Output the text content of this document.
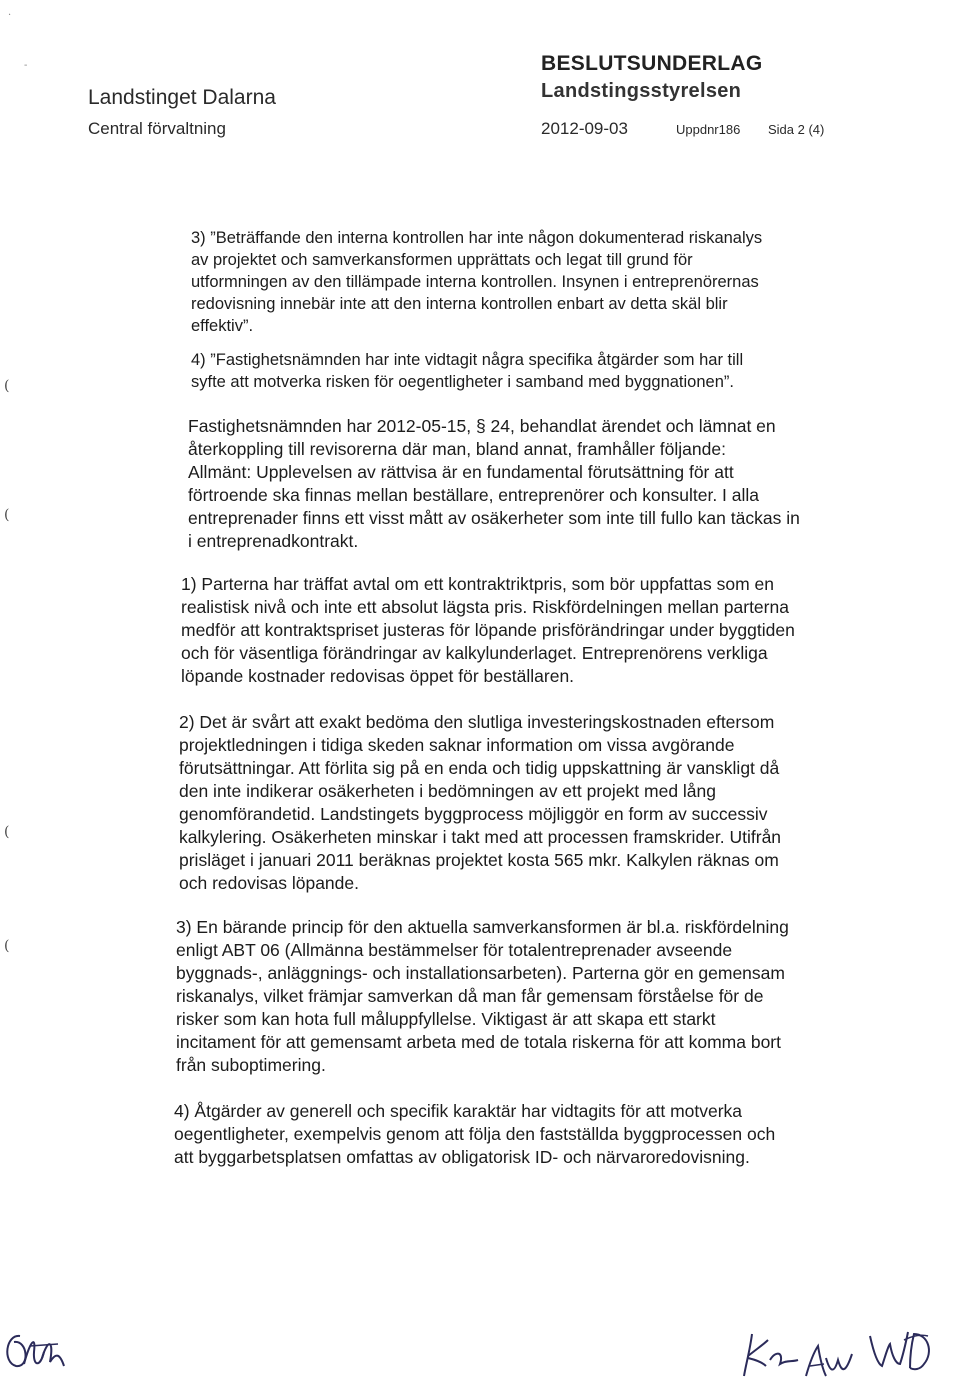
Landstinget Dalarna
Central förvaltning
BESLUTSUNDERLAG
Landstingsstyrelsen
2012-09-03	Uppdnr186 Sida 2 (4)
·
-
3) ”Beträffande den interna kontrollen har inte någon dokumenterad riskanalys
av projektet och samverkansformen upprättats och legat till grund för
utformningen av den tillämpade interna kontrollen. Insynen i entreprenörernas
redovisning innebär inte att den interna kontrollen enbart av detta skäl blir
effektiv”.
4) ”Fastighetsnämnden har inte vidtagit några specifika åtgärder som har till
syfte att motverka risken för oegentligheter i samband med byggnationen”.
Fastighetsnämnden har 2012-05-15, § 24, behandlat ärendet och lämnat en
återkoppling till revisorerna där man, bland annat, framhåller följande:
Allmänt: Upplevelsen av rättvisa är en fundamental förutsättning för att
förtroende ska finnas mellan beställare, entreprenörer och konsulter. I alla
entreprenader finns ett visst mått av osäkerheter som inte till fullo kan täckas in
i entreprenadkontrakt.
1) Parterna har träffat avtal om ett kontraktriktpris, som bör uppfattas som en
realistisk nivå och inte ett absolut lägsta pris. Riskfördelningen mellan parterna
medför att kontraktspriset justeras för löpande prisförändringar under byggtiden
och för väsentliga förändringar av kalkylunderlaget. Entreprenörens verkliga
löpande kostnader redovisas öppet för beställaren.
2) Det är svårt att exakt bedöma den slutliga investeringskostnaden eftersom
projektledningen i tidiga skeden saknar information om vissa avgörande
förutsättningar. Att förlita sig på en enda och tidig uppskattning är vanskligt då
den inte indikerar osäkerheten i bedömningen av ett projekt med lång
genomförandetid. Landstingets byggprocess möjliggör en form av successiv
kalkylering. Osäkerheten minskar i takt med att processen framskrider. Utifrån
prisläget i januari 2011 beräknas projektet kosta 565 mkr. Kalkylen räknas om
och redovisas löpande.
3) En bärande princip för den aktuella samverkansformen är bl.a. riskfördelning
enligt ABT 06 (Allmänna bestämmelser för totalentreprenader avseende
byggnads-, anläggnings- och installationsarbeten). Parterna gör en gemensam
riskanalys, vilket främjar samverkan då man får gemensam förståelse för de
risker som kan hota full måluppfyllelse. Viktigast är att skapa ett starkt
incitament för att gemensamt arbeta med de totala riskerna för att komma bort
från suboptimering.
4) Åtgärder av generell och specifik karaktär har vidtagits för att motverka
oegentligheter, exempelvis genom att följa den fastställda byggprocessen och
att byggarbetsplatsen omfattas av obligatorisk ID- och närvaroredovisning.
(
(
(
(
